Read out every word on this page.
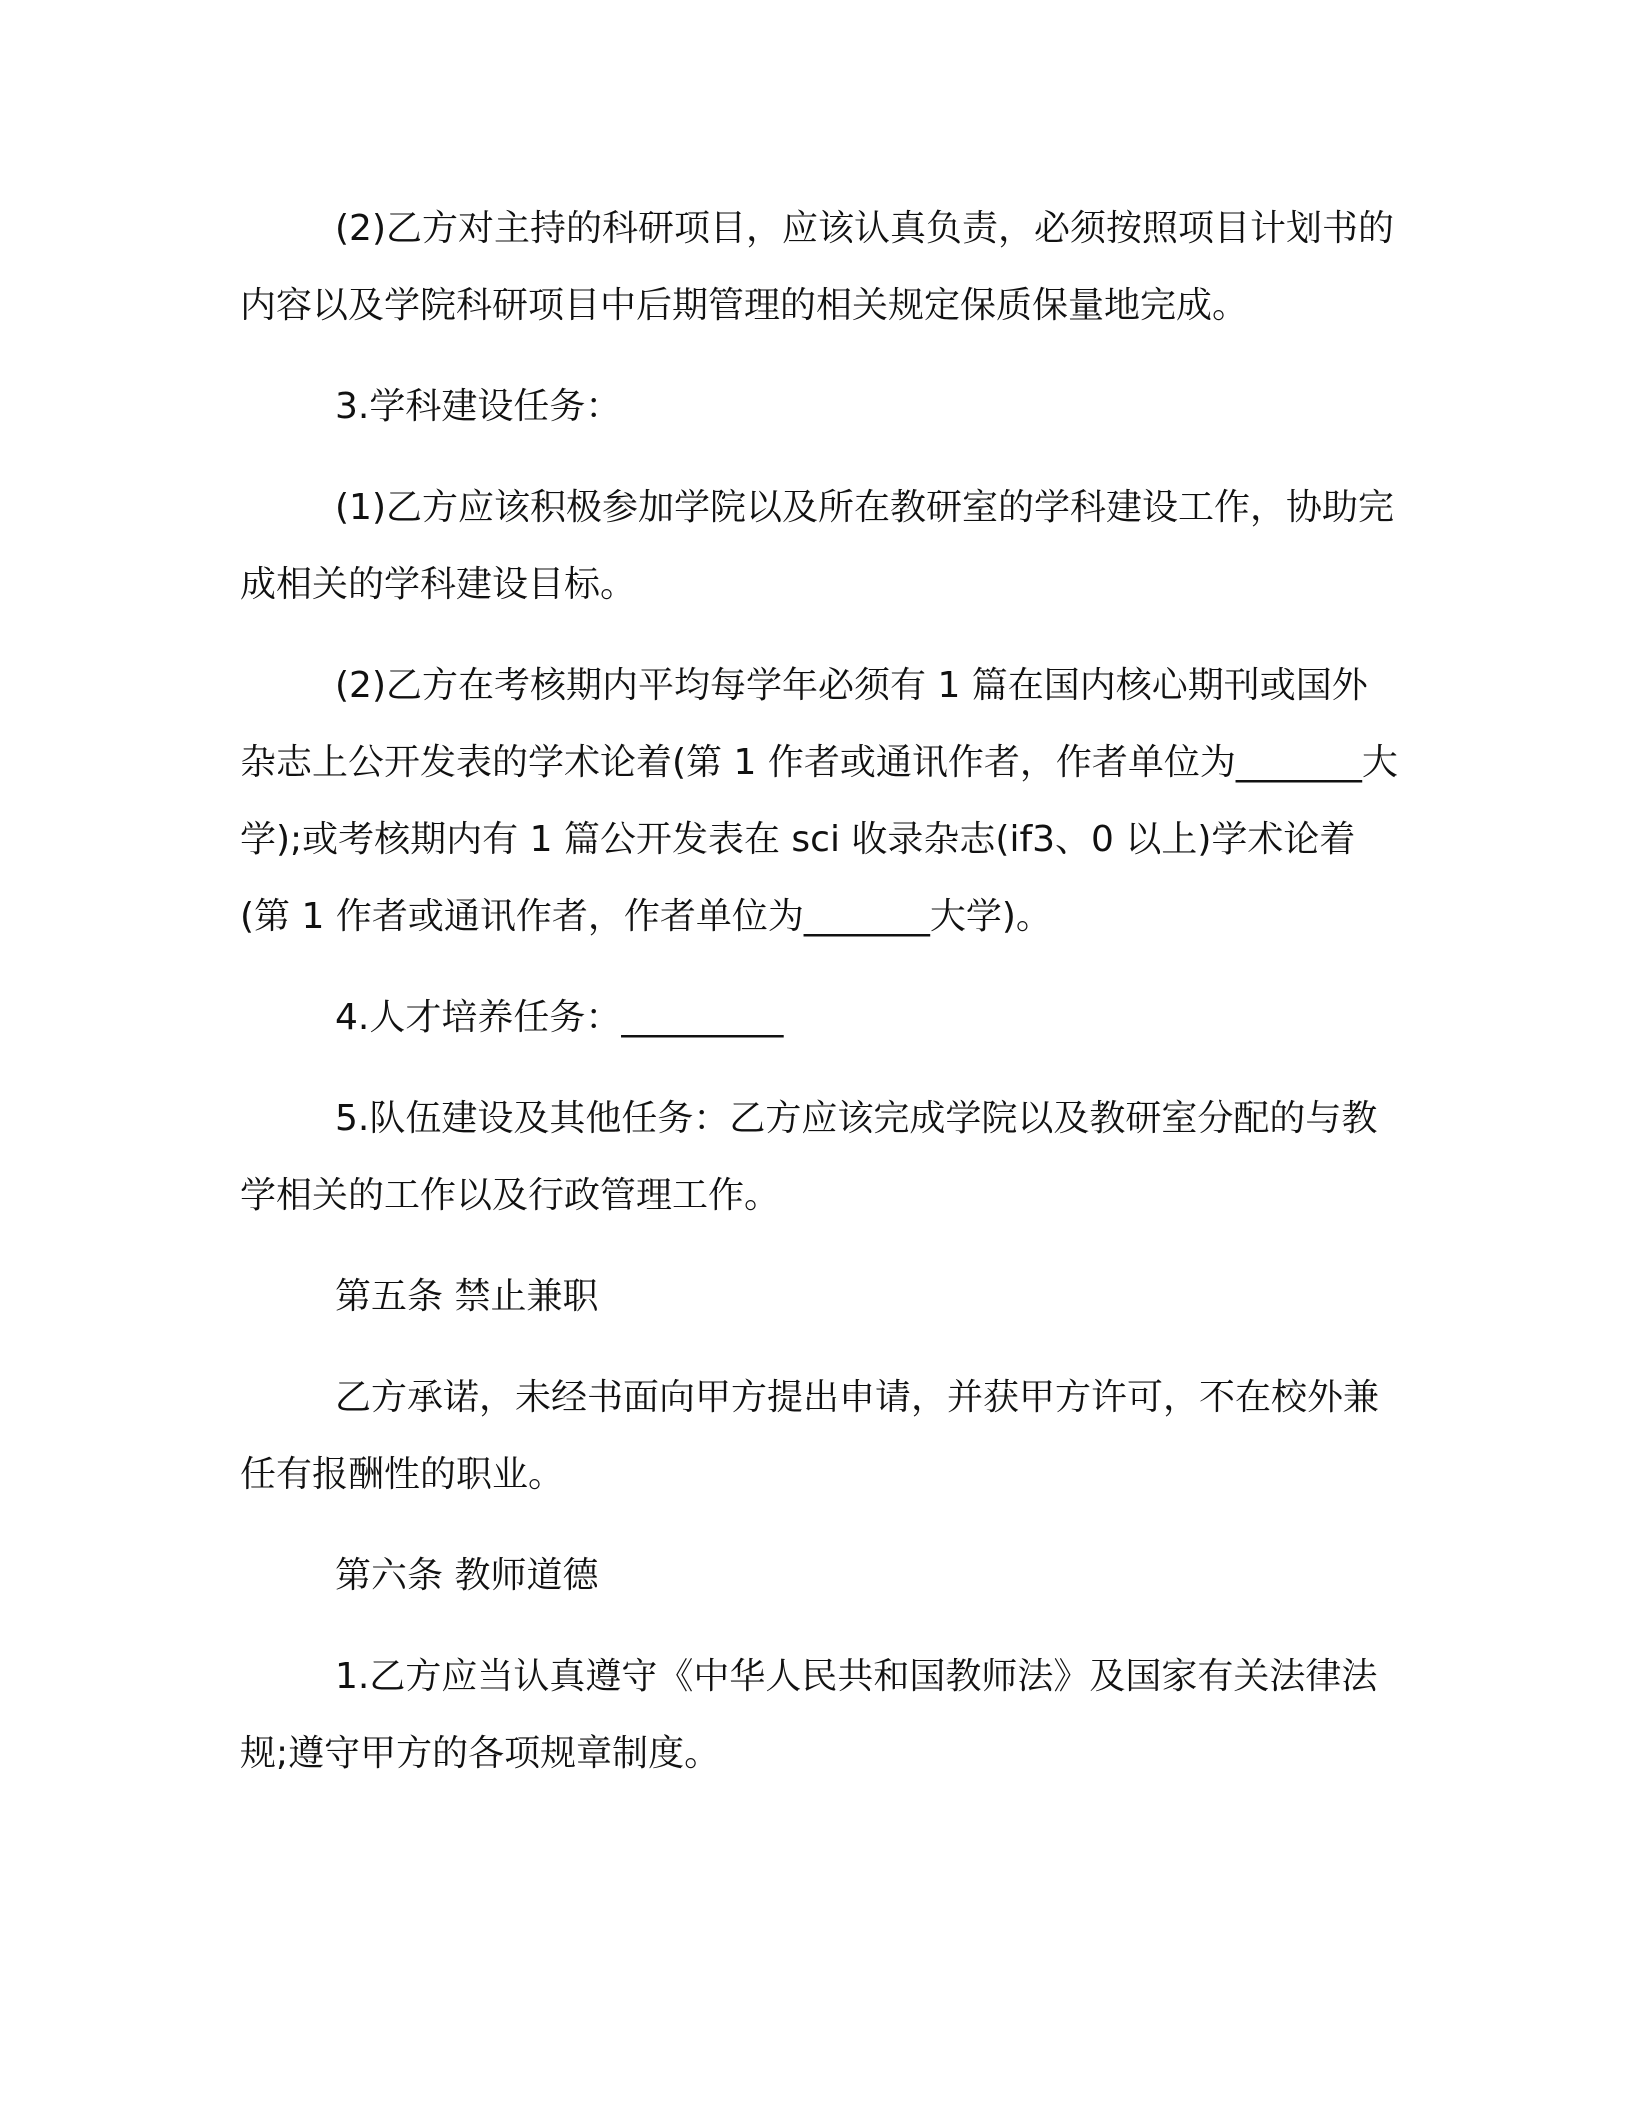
(2)乙方对主持的科研项目，应该认真负责，必须按照项目计划书的内容以及学院科研项目中后期管理的相关规定保质保量地完成。

3.学科建设任务：

(1)乙方应该积极参加学院以及所在教研室的学科建设工作，协助完成相关的学科建设目标。

(2)乙方在考核期内平均每学年必须有 1 篇在国内核心期刊或国外杂志上公开发表的学术论着(第 1 作者或通讯作者，作者单位为_______大学);或考核期内有 1 篇公开发表在 sci 收录杂志(if3、0 以上)学术论着(第 1 作者或通讯作者，作者单位为_______大学)。

4.人才培养任务：_________

5.队伍建设及其他任务：乙方应该完成学院以及教研室分配的与教学相关的工作以及行政管理工作。

第五条 禁止兼职

乙方承诺，未经书面向甲方提出申请，并获甲方许可，不在校外兼任有报酬性的职业。

第六条 教师道德

1.乙方应当认真遵守《中华人民共和国教师法》及国家有关法律法规;遵守甲方的各项规章制度。
